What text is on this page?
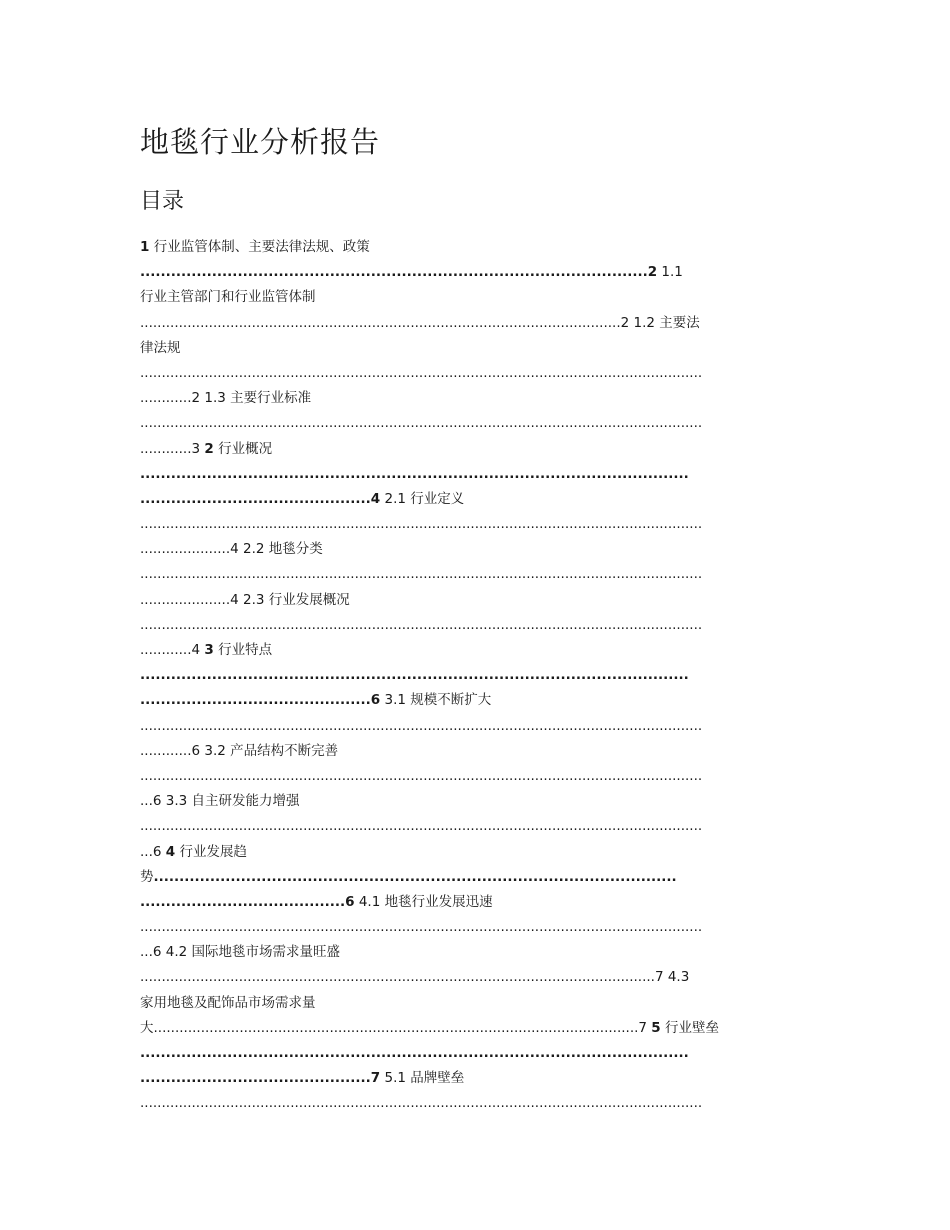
地毯行业分析报告
目录
1 行业监管体制、主要法律法规、政策
...................................................................................................2 1.1
行业主管部门和行业监管体制
................................................................................................................2 1.2 主要法
律法规
...................................................................................................................................
............2 1.3 主要行业标准
...................................................................................................................................
............3 2 行业概况
...........................................................................................................
.............................................4 2.1 行业定义
...................................................................................................................................
.....................4 2.2 地毯分类
...................................................................................................................................
.....................4 2.3 行业发展概况
...................................................................................................................................
............4 3 行业特点
...........................................................................................................
.............................................6 3.1 规模不断扩大
...................................................................................................................................
............6 3.2 产品结构不断完善
...................................................................................................................................
...6 3.3 自主研发能力增强
...................................................................................................................................
...6 4 行业发展趋
势......................................................................................................
........................................6 4.1 地毯行业发展迅速
...................................................................................................................................
...6 4.2 国际地毯市场需求量旺盛
........................................................................................................................7 4.3
家用地毯及配饰品市场需求量
大.................................................................................................................7 5 行业壁垒
...........................................................................................................
.............................................7 5.1 品牌壁垒
...................................................................................................................................
